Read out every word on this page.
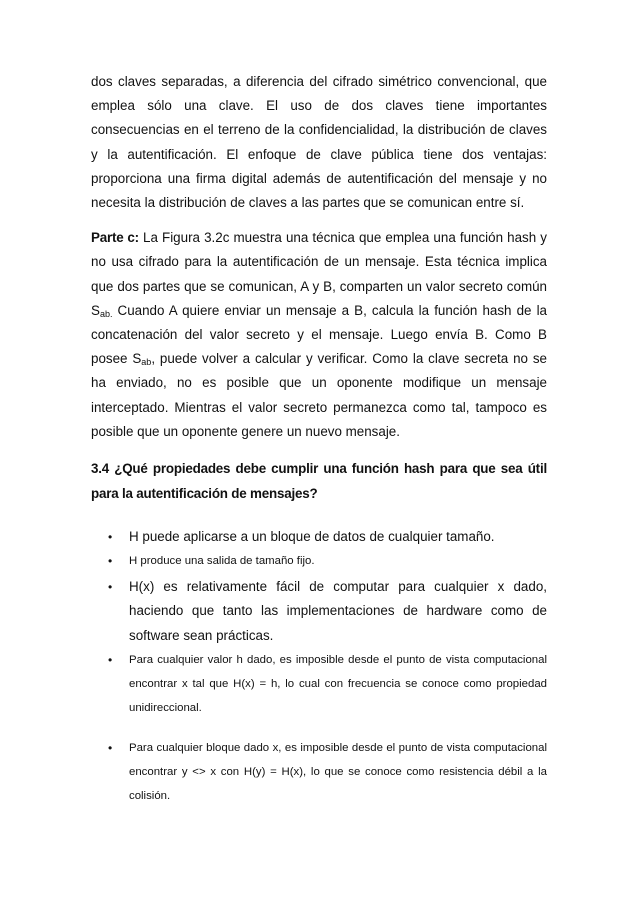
dos claves separadas, a diferencia del cifrado simétrico convencional, que emplea sólo una clave. El uso de dos claves tiene importantes consecuencias en el terreno de la confidencialidad, la distribución de claves y la autentificación. El enfoque de clave pública tiene dos ventajas: proporciona una firma digital además de autentificación del mensaje y no necesita la distribución de claves a las partes que se comunican entre sí.

Parte c: La Figura 3.2c muestra una técnica que emplea una función hash y no usa cifrado para la autentificación de un mensaje. Esta técnica implica que dos partes que se comunican, A y B, comparten un valor secreto común $S_{ab.}$ Cuando A quiere enviar un mensaje a B, calcula la función hash de la concatenación del valor secreto y el mensaje. Luego envía B. Como B posee $S_{ab}$, puede volver a calcular y verificar. Como la clave secreta no se ha enviado, no es posible que un oponente modifique un mensaje interceptado. Mientras el valor secreto permanezca como tal, tampoco es posible que un oponente genere un nuevo mensaje.

3.4 ¿Qué propiedades debe cumplir una función hash para que sea útil para la autentificación de mensajes?

• H puede aplicarse a un bloque de datos de cualquier tamaño.
• H produce una salida de tamaño fijo.
• H(x) es relativamente fácil de computar para cualquier x dado, haciendo que tanto las implementaciones de hardware como de software sean prácticas.
• Para cualquier valor h dado, es imposible desde el punto de vista computacional encontrar x tal que H(x) = h, lo cual con frecuencia se conoce como propiedad unidireccional.
• Para cualquier bloque dado x, es imposible desde el punto de vista computacional encontrar y <> x con H(y) = H(x), lo que se conoce como resistencia débil a la colisión.
